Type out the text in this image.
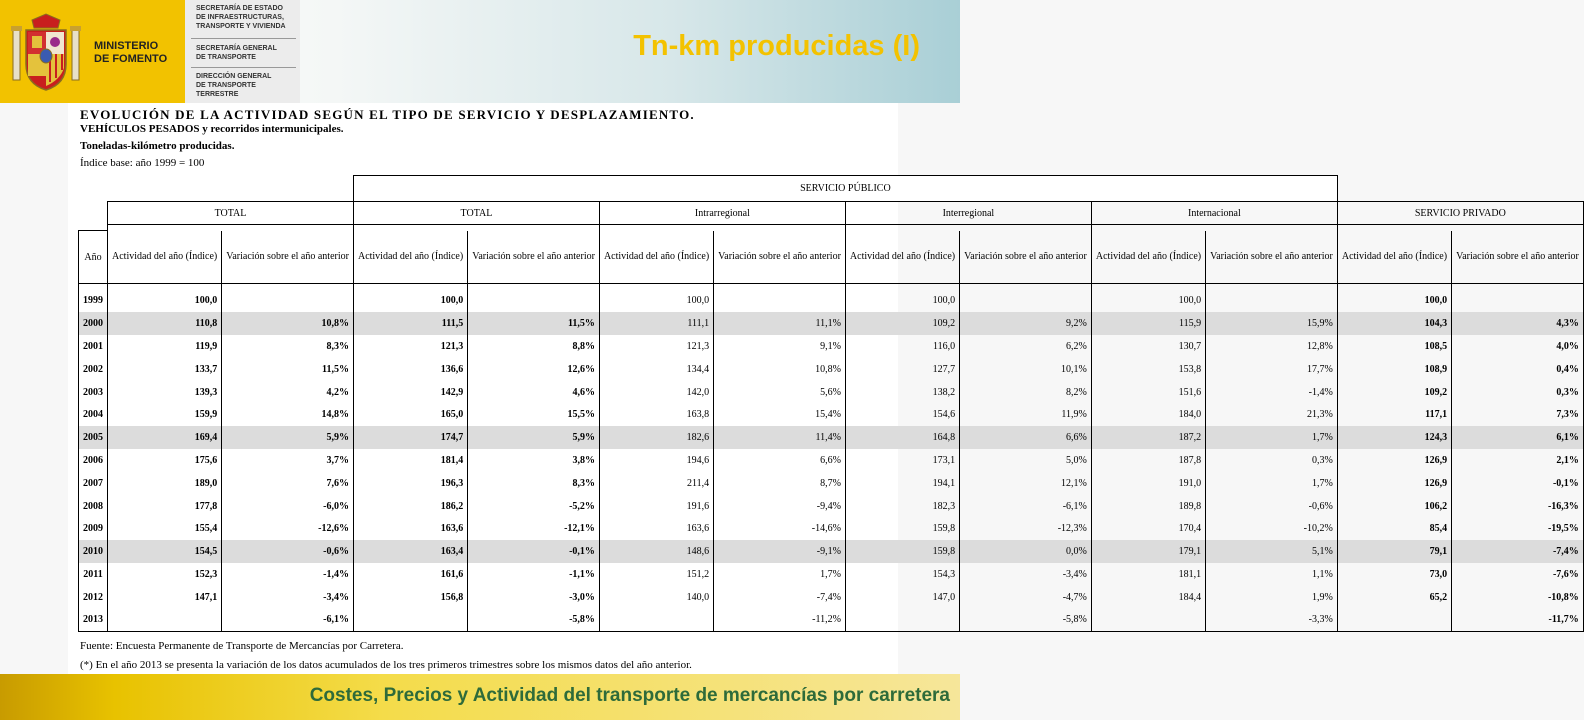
MINISTERIO
DE FOMENTO
SECRETARÍA DE ESTADO
DE INFRAESTRUCTURAS,
TRANSPORTE Y VIVIENDA
SECRETARÍA GENERAL
DE TRANSPORTE
DIRECCIÓN GENERAL
DE TRANSPORTE
TERRESTRE
Tn-km producidas (I)
EVOLUCIÓN DE LA ACTIVIDAD SEGÚN EL TIPO DE SERVICIO Y DESPLAZAMIENTO.
VEHÍCULOS PESADOS y recorridos intermunicipales.
Toneladas-kilómetro producidas.
Índice base: año 1999 = 100
			SERVICIO PÚBLICO									

	TOTAL		TOTAL		Intrarregional		Interregional		Internacional		SERVICIO PRIVADO	

Año	Actividad del año (Índice)	Variación sobre el año anterior	Actividad del año (Índice)	Variación sobre el año anterior	Actividad del año (Índice)	Variación sobre el año anterior	Actividad del año (Índice)	Variación sobre el año anterior	Actividad del año (Índice)	Variación sobre el año anterior	Actividad del año (Índice)	Variación sobre el año anterior

1999	100,0		100,0		100,0		100,0		100,0		100,0	
2000	110,8	10,8%	111,5	11,5%	111,1	11,1%	109,2	9,2%	115,9	15,9%	104,3	4,3%
2001	119,9	8,3%	121,3	8,8%	121,3	9,1%	116,0	6,2%	130,7	12,8%	108,5	4,0%
2002	133,7	11,5%	136,6	12,6%	134,4	10,8%	127,7	10,1%	153,8	17,7%	108,9	0,4%
2003	139,3	4,2%	142,9	4,6%	142,0	5,6%	138,2	8,2%	151,6	-1,4%	109,2	0,3%
2004	159,9	14,8%	165,0	15,5%	163,8	15,4%	154,6	11,9%	184,0	21,3%	117,1	7,3%
2005	169,4	5,9%	174,7	5,9%	182,6	11,4%	164,8	6,6%	187,2	1,7%	124,3	6,1%
2006	175,6	3,7%	181,4	3,8%	194,6	6,6%	173,1	5,0%	187,8	0,3%	126,9	2,1%
2007	189,0	7,6%	196,3	8,3%	211,4	8,7%	194,1	12,1%	191,0	1,7%	126,9	-0,1%
2008	177,8	-6,0%	186,2	-5,2%	191,6	-9,4%	182,3	-6,1%	189,8	-0,6%	106,2	-16,3%
2009	155,4	-12,6%	163,6	-12,1%	163,6	-14,6%	159,8	-12,3%	170,4	-10,2%	85,4	-19,5%
2010	154,5	-0,6%	163,4	-0,1%	148,6	-9,1%	159,8	0,0%	179,1	5,1%	79,1	-7,4%
2011	152,3	-1,4%	161,6	-1,1%	151,2	1,7%	154,3	-3,4%	181,1	1,1%	73,0	-7,6%
2012	147,1	-3,4%	156,8	-3,0%	140,0	-7,4%	147,0	-4,7%	184,4	1,9%	65,2	-10,8%
2013		-6,1%		-5,8%		-11,2%		-5,8%		-3,3%		-11,7%
Fuente: Encuesta Permanente de Transporte de Mercancías por Carretera.
(*) En el año 2013 se presenta la variación de los datos acumulados de los tres primeros trimestres sobre los mismos datos del año anterior.
Costes, Precios y Actividad del transporte de mercancías por carretera
